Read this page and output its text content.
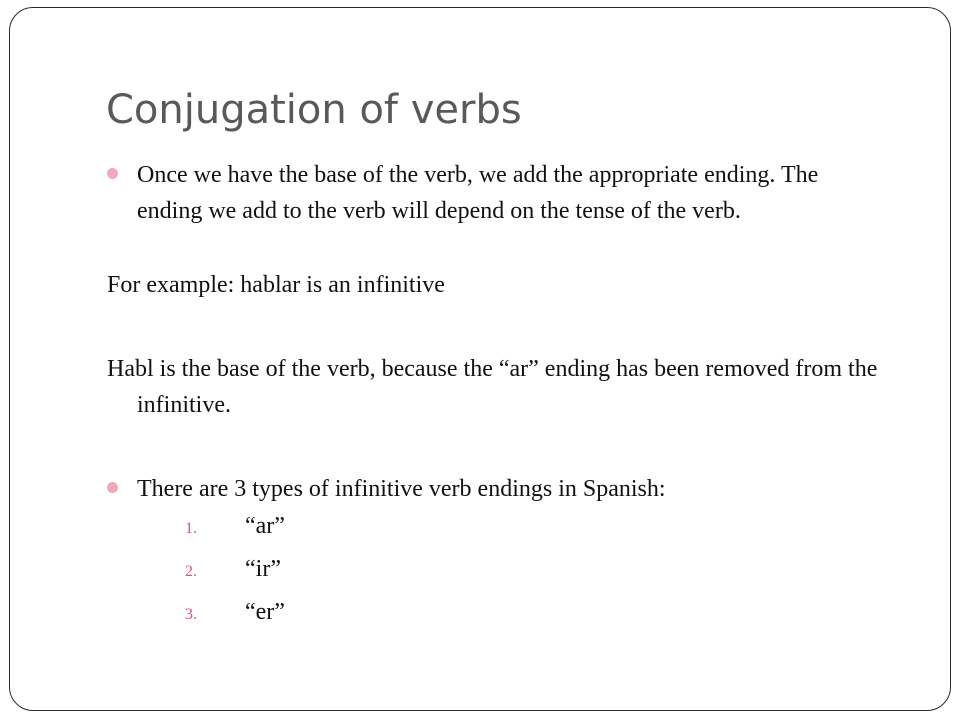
Conjugation of verbs
Once we have the base of the verb, we add the appropriate ending. The ending we add to the verb will depend on the tense of the verb.
For example: hablar is an infinitive
Habl is the base of the verb, because the “ar” ending has been removed from the infinitive.
There are 3 types of infinitive verb endings in Spanish:
1. “ar”
2. “ir”
3. “er”
